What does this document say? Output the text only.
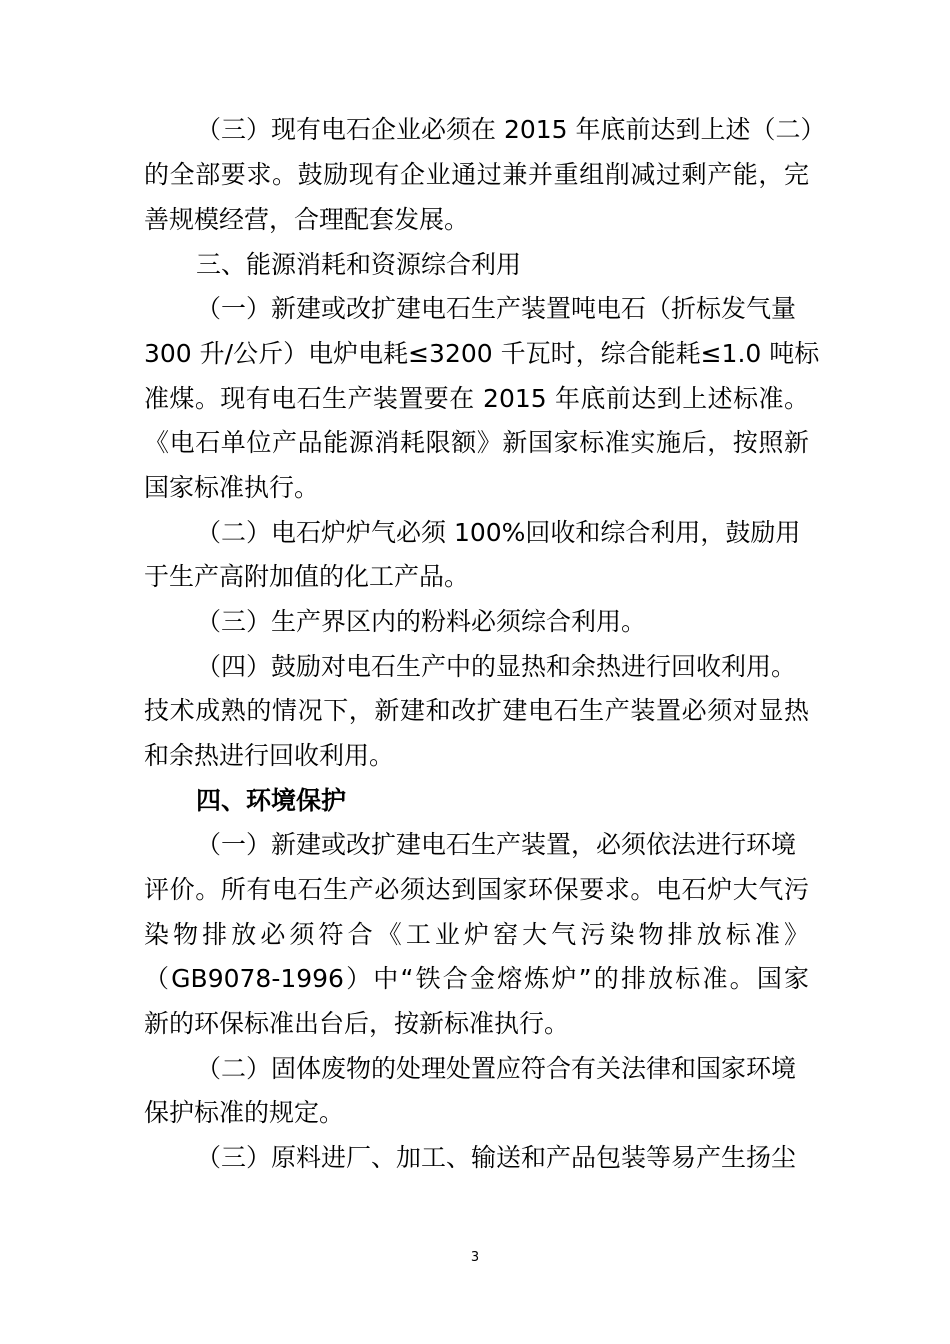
（三）现有电石企业必须在 2015 年底前达到上述（二）
的全部要求。鼓励现有企业通过兼并重组削减过剩产能，完
善规模经营，合理配套发展。
三、能源消耗和资源综合利用
（一）新建或改扩建电石生产装置吨电石（折标发气量
300 升/公斤）电炉电耗≤3200 千瓦时，综合能耗≤1.0 吨标
准煤。现有电石生产装置要在 2015 年底前达到上述标准。
《电石单位产品能源消耗限额》新国家标准实施后，按照新
国家标准执行。
（二）电石炉炉气必须 100%回收和综合利用，鼓励用
于生产高附加值的化工产品。
（三）生产界区内的粉料必须综合利用。
（四）鼓励对电石生产中的显热和余热进行回收利用。
技术成熟的情况下，新建和改扩建电石生产装置必须对显热
和余热进行回收利用。
四、环境保护
（一）新建或改扩建电石生产装置，必须依法进行环境
评价。所有电石生产必须达到国家环保要求。电石炉大气污
染物排放必须符合《工业炉窑大气污染物排放标准》
（GB9078-1996）中“铁合金熔炼炉”的排放标准。国家
新的环保标准出台后，按新标准执行。
（二）固体废物的处理处置应符合有关法律和国家环境
保护标准的规定。
（三）原料进厂、加工、输送和产品包装等易产生扬尘
3
